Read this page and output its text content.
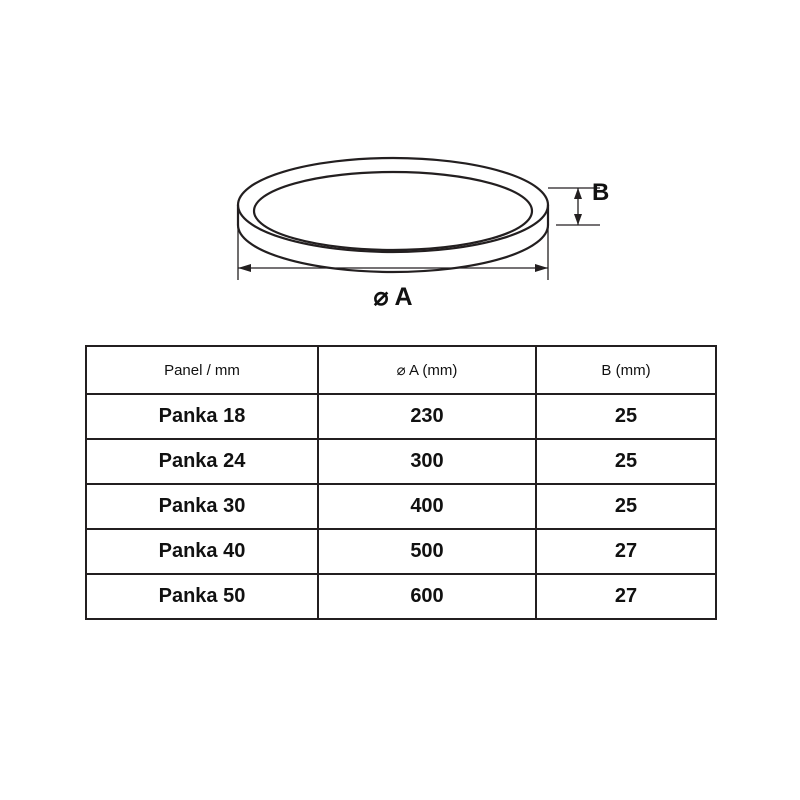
B
⌀ A
Panel / mm	⌀ A (mm)	B (mm)
Panka 18	230	25
Panka 24	300	25
Panka 30	400	25
Panka 40	500	27
Panka 50	600	27
